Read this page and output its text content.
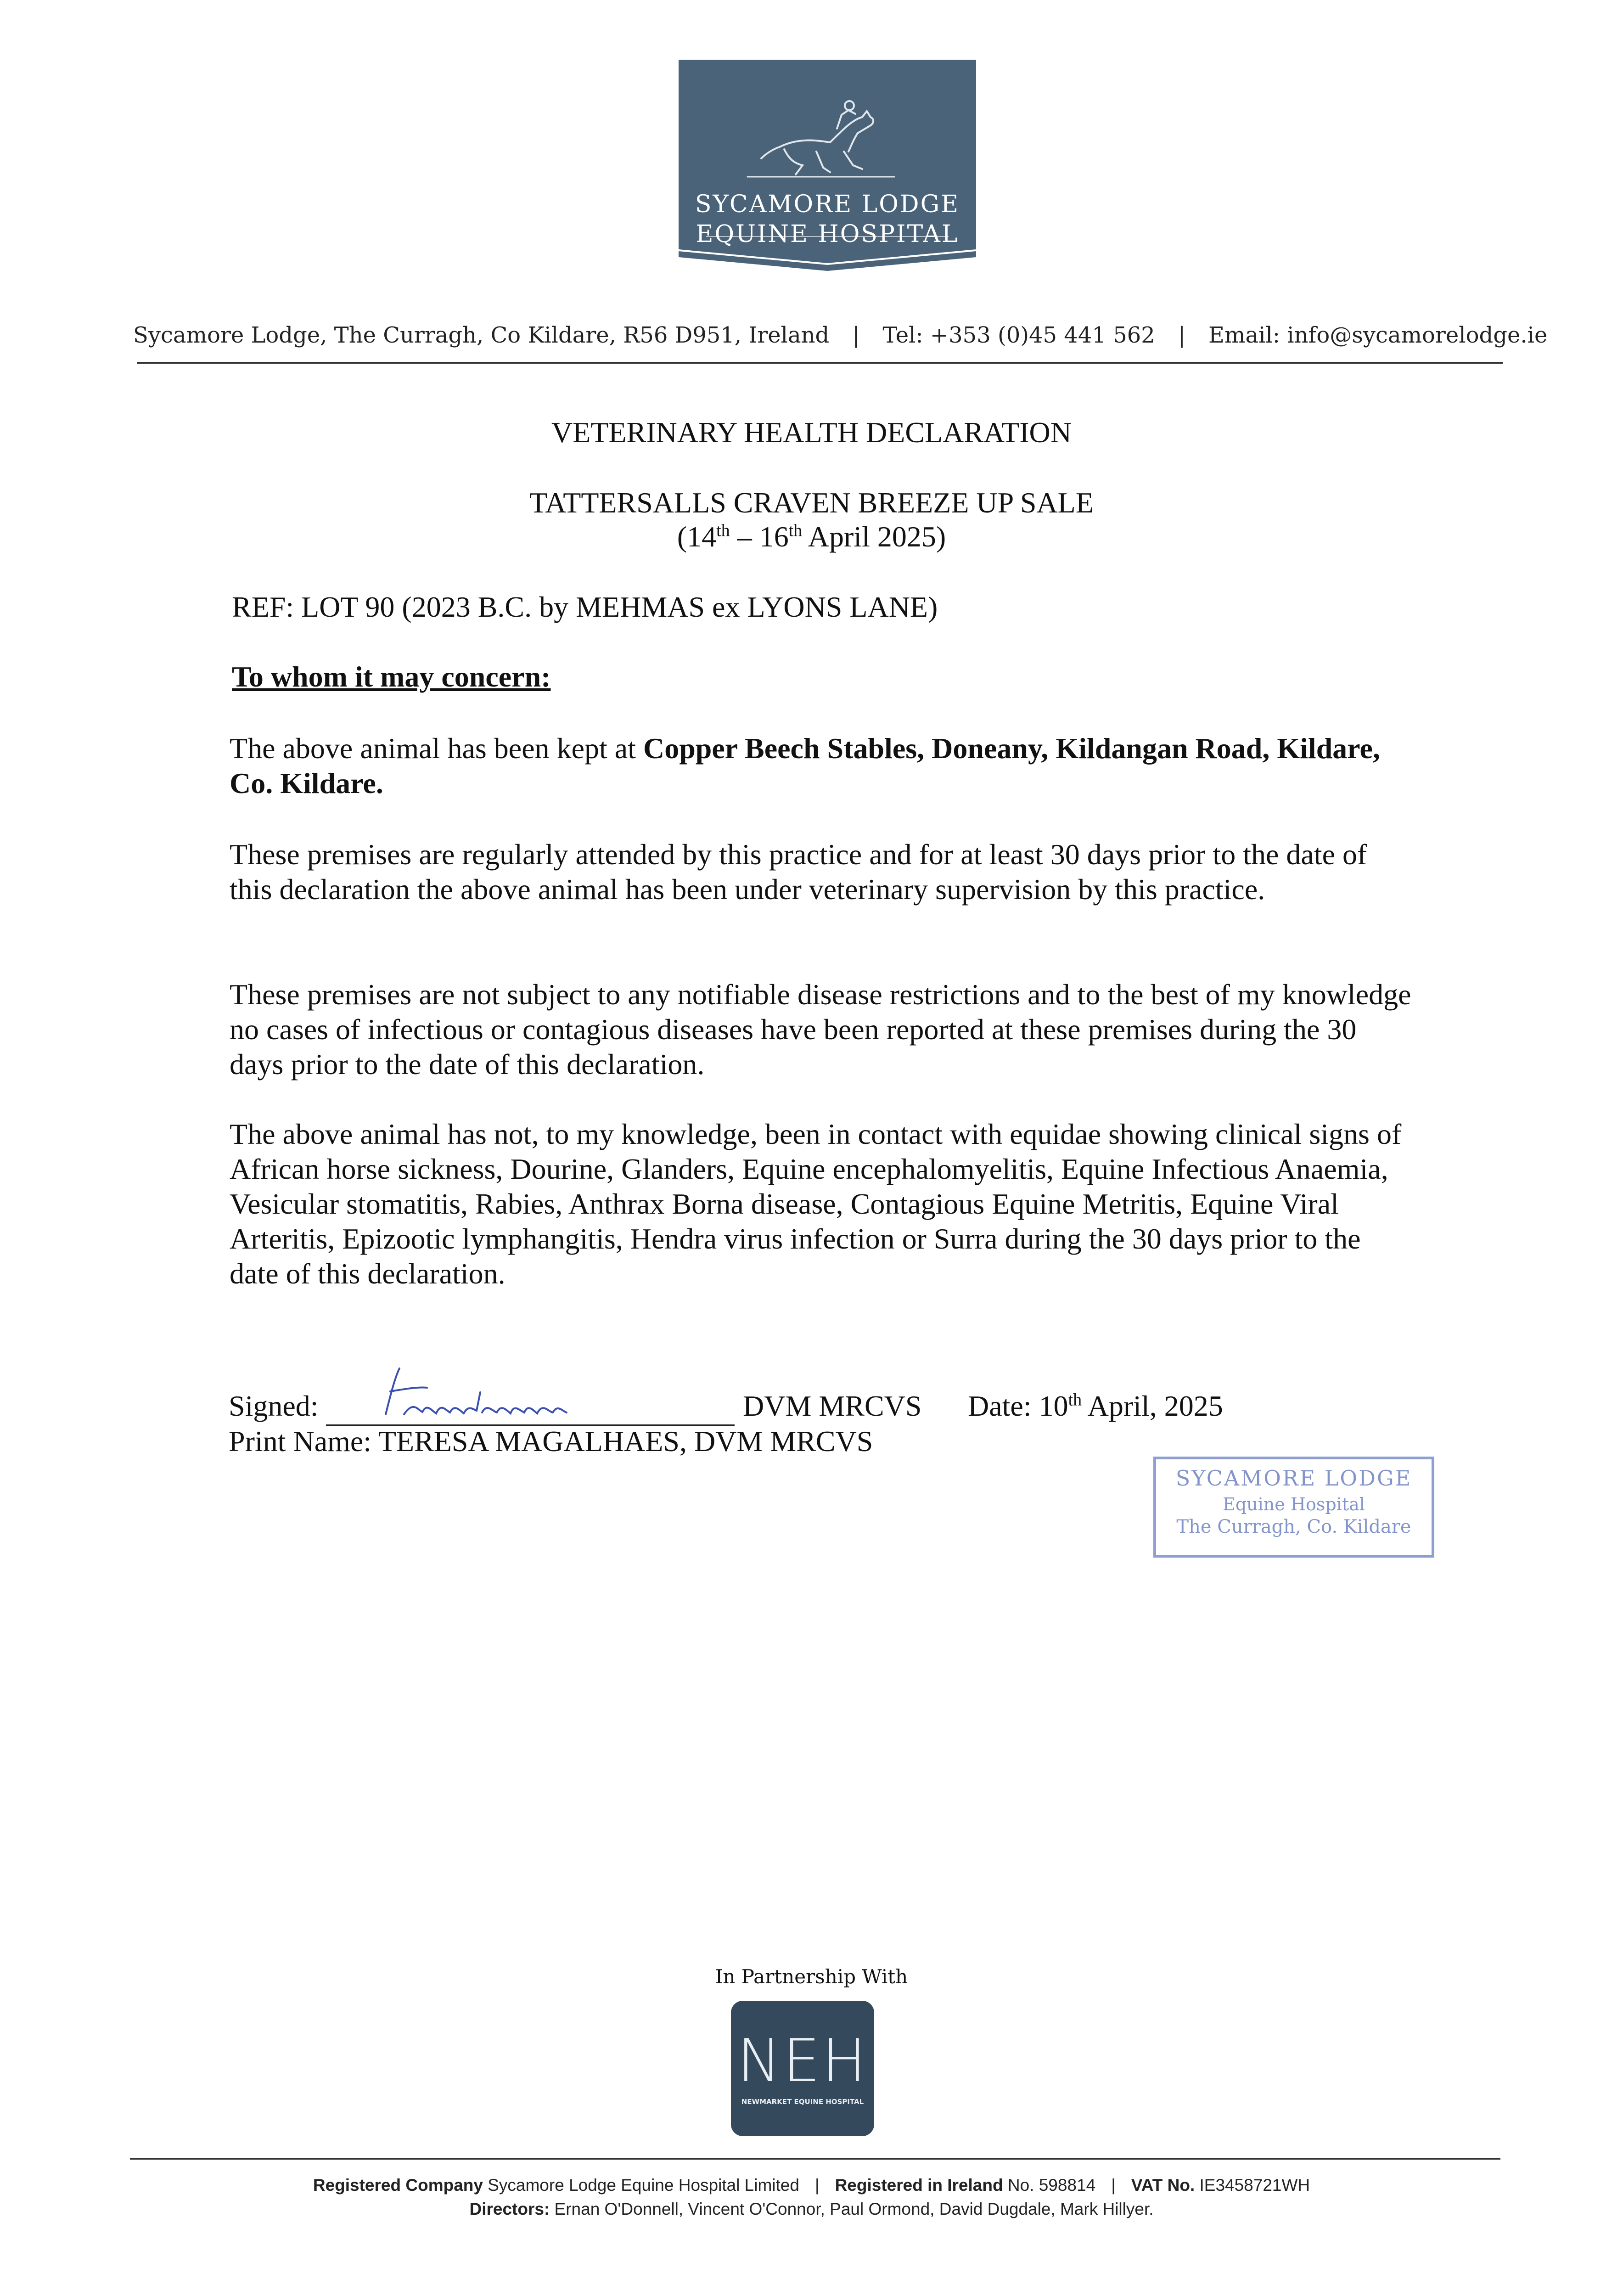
SYCAMORE LODGE
EQUINE HOSPITAL
Sycamore Lodge, The Curragh, Co Kildare, R56 D951, Ireland | Tel: +353 (0)45 441 562 | Email: info@sycamorelodge.ie
VETERINARY HEALTH DECLARATION
TATTERSALLS CRAVEN BREEZE UP SALE
(14th – 16th April 2025)
REF: LOT 90 (2023 B.C. by MEHMAS ex LYONS LANE)
To whom it may concern:
The above animal has been kept at Copper Beech Stables, Doneany, Kildangan Road, Kildare, Co. Kildare.
These premises are regularly attended by this practice and for at least 30 days prior to the date of this declaration the above animal has been under veterinary supervision by this practice.
These premises are not subject to any notifiable disease restrictions and to the best of my knowledge no cases of infectious or contagious diseases have been reported at these premises during the 30 days prior to the date of this declaration.
The above animal has not, to my knowledge, been in contact with equidae showing clinical signs of African horse sickness, Dourine, Glanders, Equine encephalomyelitis, Equine Infectious Anaemia, Vesicular stomatitis, Rabies, Anthrax Borna disease, Contagious Equine Metritis, Equine Viral Arteritis, Epizootic lymphangitis, Hendra virus infection or Surra during the 30 days prior to the date of this declaration.
Signed:	DVM MRCVS Date: 10th April, 2025
Print Name: TERESA MAGALHAES, DVM MRCVS
SYCAMORE LODGE
Equine Hospital
The Curragh, Co. Kildare
In Partnership With
NEH
NEWMARKET EQUINE HOSPITAL
Registered Company Sycamore Lodge Equine Hospital Limited | Registered in Ireland No. 598814 | VAT No. IE3458721WH
Directors: Ernan O'Donnell, Vincent O'Connor, Paul Ormond, David Dugdale, Mark Hillyer.
